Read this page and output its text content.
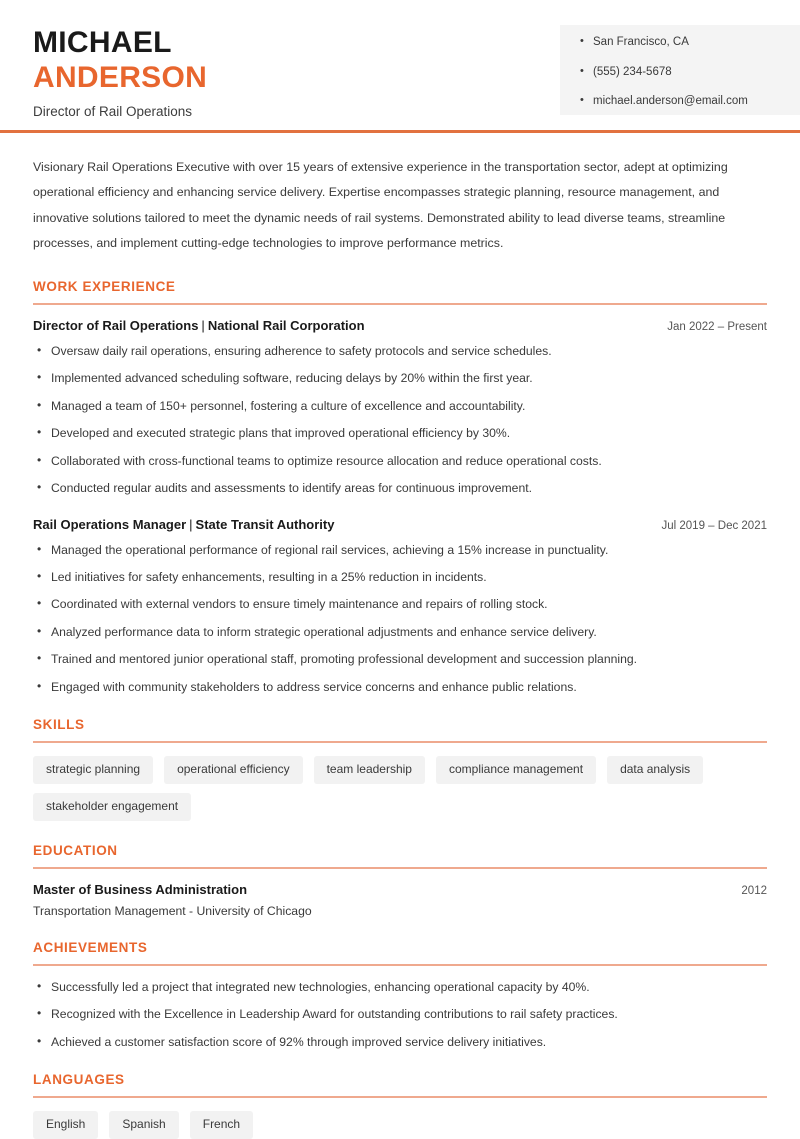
MICHAEL
ANDERSON
Director of Rail Operations
• San Francisco, CA
• (555) 234-5678
• michael.anderson@email.com

Visionary Rail Operations Executive with over 15 years of extensive experience in the transportation sector, adept at optimizing operational efficiency and enhancing service delivery. Expertise encompasses strategic planning, resource management, and innovative solutions tailored to meet the dynamic needs of rail systems. Demonstrated ability to lead diverse teams, streamline processes, and implement cutting-edge technologies to improve performance metrics.

WORK EXPERIENCE
Director of Rail Operations | National Rail Corporation	Jan 2022 – Present
• Oversaw daily rail operations, ensuring adherence to safety protocols and service schedules.
• Implemented advanced scheduling software, reducing delays by 20% within the first year.
• Managed a team of 150+ personnel, fostering a culture of excellence and accountability.
• Developed and executed strategic plans that improved operational efficiency by 30%.
• Collaborated with cross-functional teams to optimize resource allocation and reduce operational costs.
• Conducted regular audits and assessments to identify areas for continuous improvement.
Rail Operations Manager | State Transit Authority	Jul 2019 – Dec 2021
• Managed the operational performance of regional rail services, achieving a 15% increase in punctuality.
• Led initiatives for safety enhancements, resulting in a 25% reduction in incidents.
• Coordinated with external vendors to ensure timely maintenance and repairs of rolling stock.
• Analyzed performance data to inform strategic operational adjustments and enhance service delivery.
• Trained and mentored junior operational staff, promoting professional development and succession planning.
• Engaged with community stakeholders to address service concerns and enhance public relations.
SKILLS
strategic planning	operational efficiency	team leadership	compliance management	data analysis
stakeholder engagement
EDUCATION
Master of Business Administration	2012
Transportation Management - University of Chicago
ACHIEVEMENTS
• Successfully led a project that integrated new technologies, enhancing operational capacity by 40%.
• Recognized with the Excellence in Leadership Award for outstanding contributions to rail safety practices.
• Achieved a customer satisfaction score of 92% through improved service delivery initiatives.
LANGUAGES
English	Spanish	French
